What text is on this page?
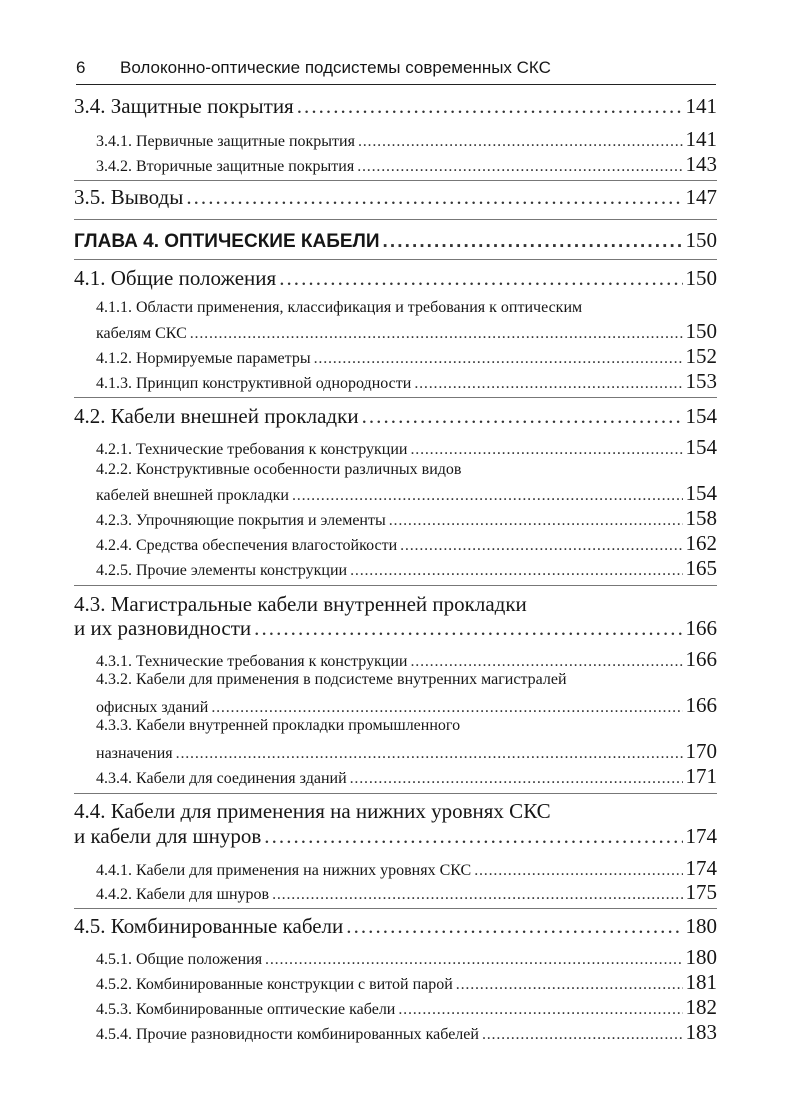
6 Волоконно-оптические подсистемы современных СКС
3.4. Защитные покрытия . . .	141
3.4.1. Первичные защитные покрытия . . .	141
3.4.2. Вторичные защитные покрытия . . .	143
3.5. Выводы . . .	147
ГЛАВА 4. ОПТИЧЕСКИЕ КАБЕЛИ . . .	150
4.1. Общие положения . . .	150
4.1.1. Области применения, классификация и требования к оптическим
кабелям СКС . . .	150
4.1.2. Нормируемые параметры . . .	152
4.1.3. Принцип конструктивной однородности . . .	153
4.2. Кабели внешней прокладки . . .	154
4.2.1. Технические требования к конструкции . . .	154
4.2.2. Конструктивные особенности различных видов
кабелей внешней прокладки . . .	154
4.2.3. Упрочняющие покрытия и элементы . . .	158
4.2.4. Средства обеспечения влагостойкости . . .	162
4.2.5. Прочие элементы конструкции . . .	165
4.3. Магистральные кабели внутренней прокладки
и их разновидности . . .	166
4.3.1. Технические требования к конструкции . . .	166
4.3.2. Кабели для применения в подсистеме внутренних магистралей
офисных зданий . . .	166
4.3.3. Кабели внутренней прокладки промышленного
назначения . . .	170
4.3.4. Кабели для соединения зданий . . .	171
4.4. Кабели для применения на нижних уровнях СКС
и кабели для шнуров . . .	174
4.4.1. Кабели для применения на нижних уровнях СКС . . .	174
4.4.2. Кабели для шнуров . . .	175
4.5. Комбинированные кабели . . .	180
4.5.1. Общие положения . . .	180
4.5.2. Комбинированные конструкции с витой парой . . .	181
4.5.3. Комбинированные оптические кабели . . .	182
4.5.4. Прочие разновидности комбинированных кабелей . . .	183
